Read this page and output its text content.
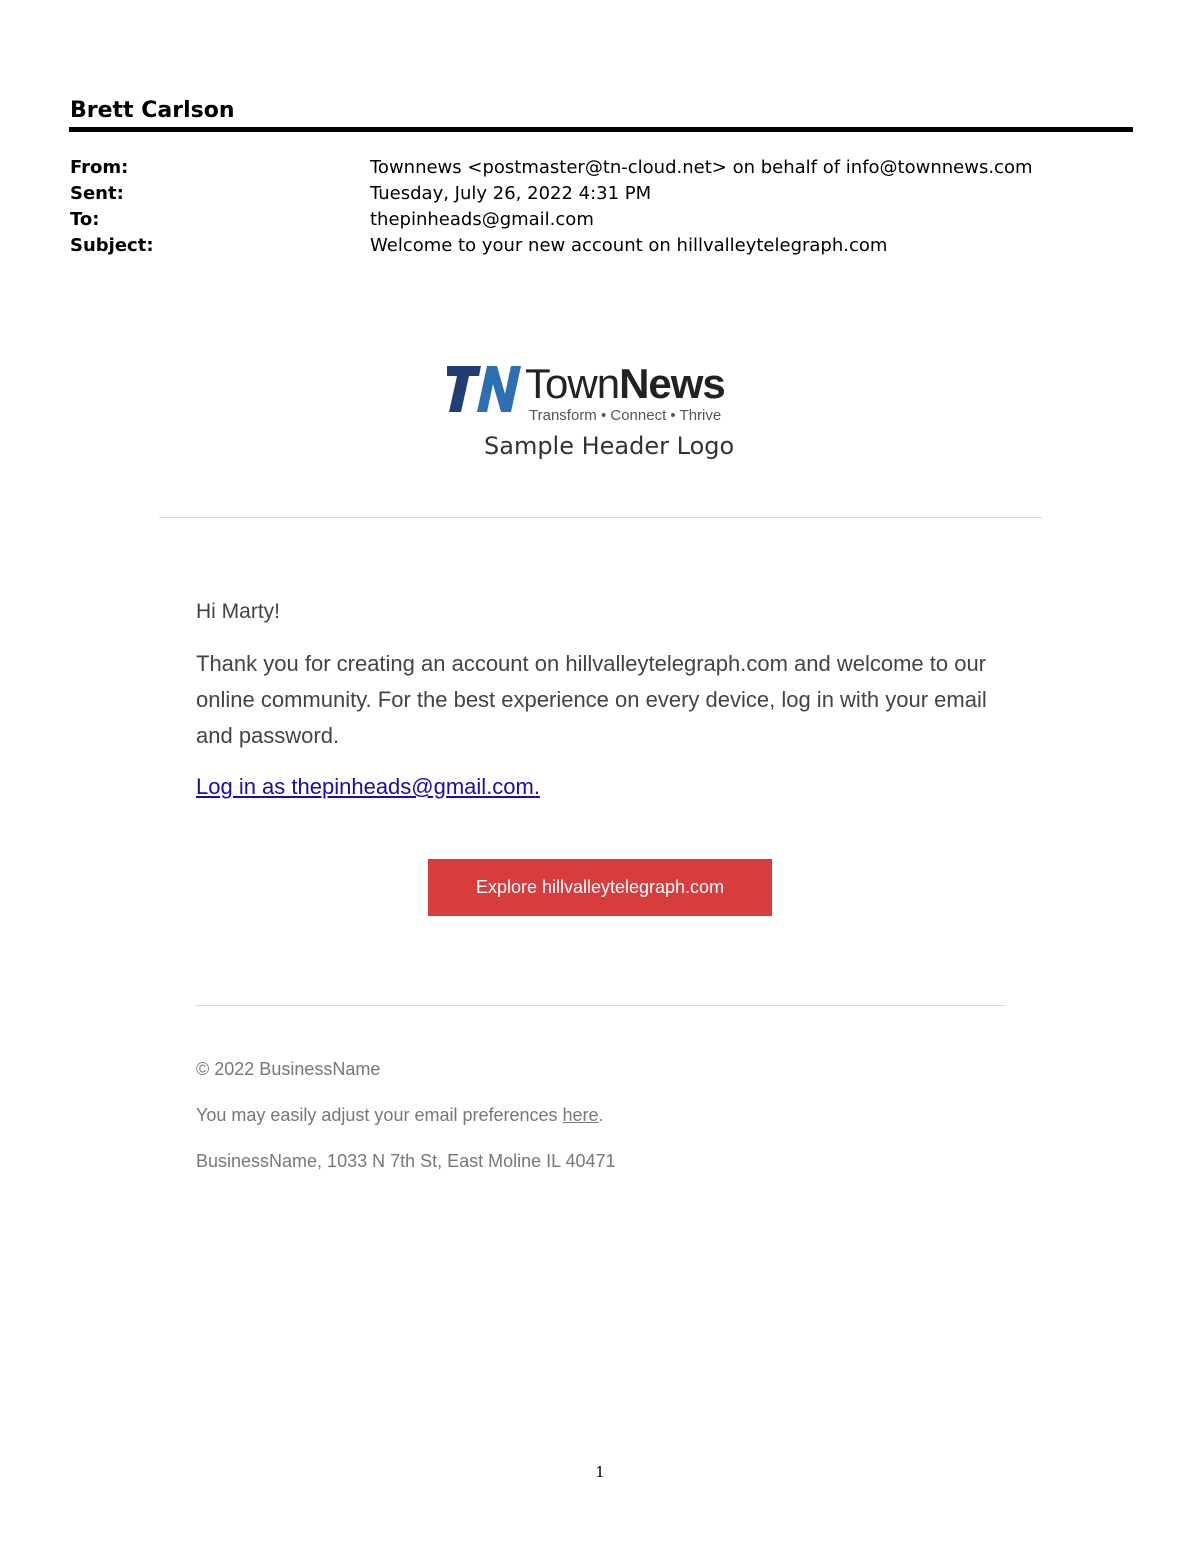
Brett Carlson
From:	Townnews <postmaster@tn-cloud.net> on behalf of info@townnews.com
Sent:	Tuesday, July 26, 2022 4:31 PM
To:	thepinheads@gmail.com
Subject:	Welcome to your new account on hillvalleytelegraph.com
TownNews
Transform • Connect • Thrive
Sample Header Logo

Hi Marty!

Thank you for creating an account on hillvalleytelegraph.com and welcome to our online community. For the best experience on every device, log in with your email and password.

Log in as thepinheads@gmail.com.
Explore hillvalleytelegraph.com

© 2022 BusinessName

You may easily adjust your email preferences here.

BusinessName, 1033 N 7th St, East Moline IL 40471

1
